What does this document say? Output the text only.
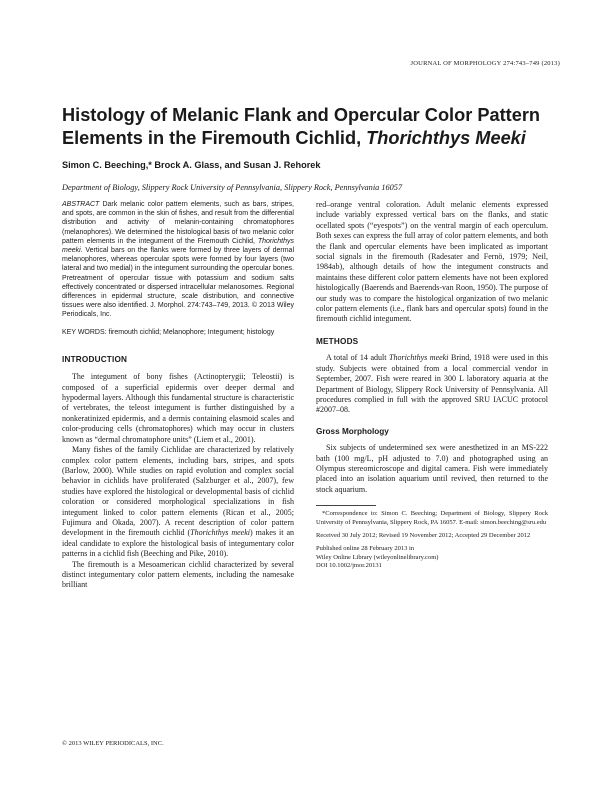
JOURNAL OF MORPHOLOGY 274:743–749 (2013)
Histology of Melanic Flank and Opercular Color Pattern Elements in the Firemouth Cichlid, Thorichthys Meeki
Simon C. Beeching,* Brock A. Glass, and Susan J. Rehorek
Department of Biology, Slippery Rock University of Pennsylvania, Slippery Rock, Pennsylvania 16057

ABSTRACT Dark melanic color pattern elements, such as bars, stripes, and spots, are common in the skin of fishes, and result from the differential distribution and activity of melanin-containing chromatophores (melanophores). We determined the histological basis of two melanic color pattern elements in the integument of the Firemouth Cichlid, Thorichthys meeki. Vertical bars on the flanks were formed by three layers of dermal melanophores, whereas opercular spots were formed by four layers (two lateral and two medial) in the integument surrounding the opercular bones. Pretreatment of opercular tissue with potassium and sodium salts effectively concentrated or dispersed intracellular melanosomes. Regional differences in epidermal structure, scale distribution, and connective tissues were also identified. J. Morphol. 274:743–749, 2013. © 2013 Wiley Periodicals, Inc.

KEY WORDS: firemouth cichlid; Melanophore; Integument; histology

INTRODUCTION

The integument of bony fishes (Actinopterygii; Teleostii) is composed of a superficial epidermis over deeper dermal and hypodermal layers. Although this fundamental structure is characteristic of vertebrates, the teleost integument is further distinguished by a nonkeratinized epidermis, and a dermis containing elasmoid scales and color-producing cells (chromatophores) which may occur in clusters known as “dermal chromatophore units” (Liem et al., 2001).

Many fishes of the family Cichlidae are characterized by relatively complex color pattern elements, including bars, stripes, and spots (Barlow, 2000). While studies on rapid evolution and complex social behavior in cichlids have proliferated (Salzburger et al., 2007), few studies have explored the histological or developmental basis of cichlid coloration or considered morphological specializations in fish integument linked to color pattern elements (Rican et al., 2005; Fujimura and Okada, 2007). A recent description of color pattern development in the firemouth cichlid (Thorichthys meeki) makes it an ideal candidate to explore the histological basis of integumentary color patterns in a cichlid fish (Beeching and Pike, 2010).

The firemouth is a Mesoamerican cichlid characterized by several distinct integumentary color pattern elements, including the namesake brilliant

red–orange ventral coloration. Adult melanic elements expressed include variably expressed vertical bars on the flanks, and static ocellated spots (“eyespots”) on the ventral margin of each operculum. Both sexes can express the full array of color pattern elements, and both the flank and opercular elements have been implicated as important social signals in the firemouth (Radesater and Fernö, 1979; Neil, 1984ab), although details of how the integument constructs and maintains these different color pattern elements have not been explored histologically (Baerends and Baerends-van Roon, 1950). The purpose of our study was to compare the histological organization of two melanic color pattern elements (i.e., flank bars and opercular spots) found in the firemouth cichlid integument.

METHODS

A total of 14 adult Thorichthys meeki Brind, 1918 were used in this study. Subjects were obtained from a local commercial vendor in September, 2007. Fish were reared in 300 L laboratory aquaria at the Department of Biology, Slippery Rock University of Pennsylvania. All procedures complied in full with the approved SRU IACUC protocol #2007–08.

Gross Morphology

Six subjects of undetermined sex were anesthetized in an MS-222 bath (100 mg/L, pH adjusted to 7.0) and photographed using an Olympus stereomicroscope and digital camera. Fish were immediately placed into an isolation aquarium until revived, then returned to the stock aquarium.

*Correspondence to: Simon C. Beeching; Department of Biology, Slippery Rock University of Pennsylvania, Slippery Rock, PA 16057. E-mail: simon.beeching@sru.edu

Received 30 July 2012; Revised 19 November 2012; Accepted 29 December 2012

Published online 28 February 2013 in

Wiley Online Library (wileyonlinelibrary.com)

DOI 10.1002/jmor.20131

© 2013 WILEY PERIODICALS, INC.
